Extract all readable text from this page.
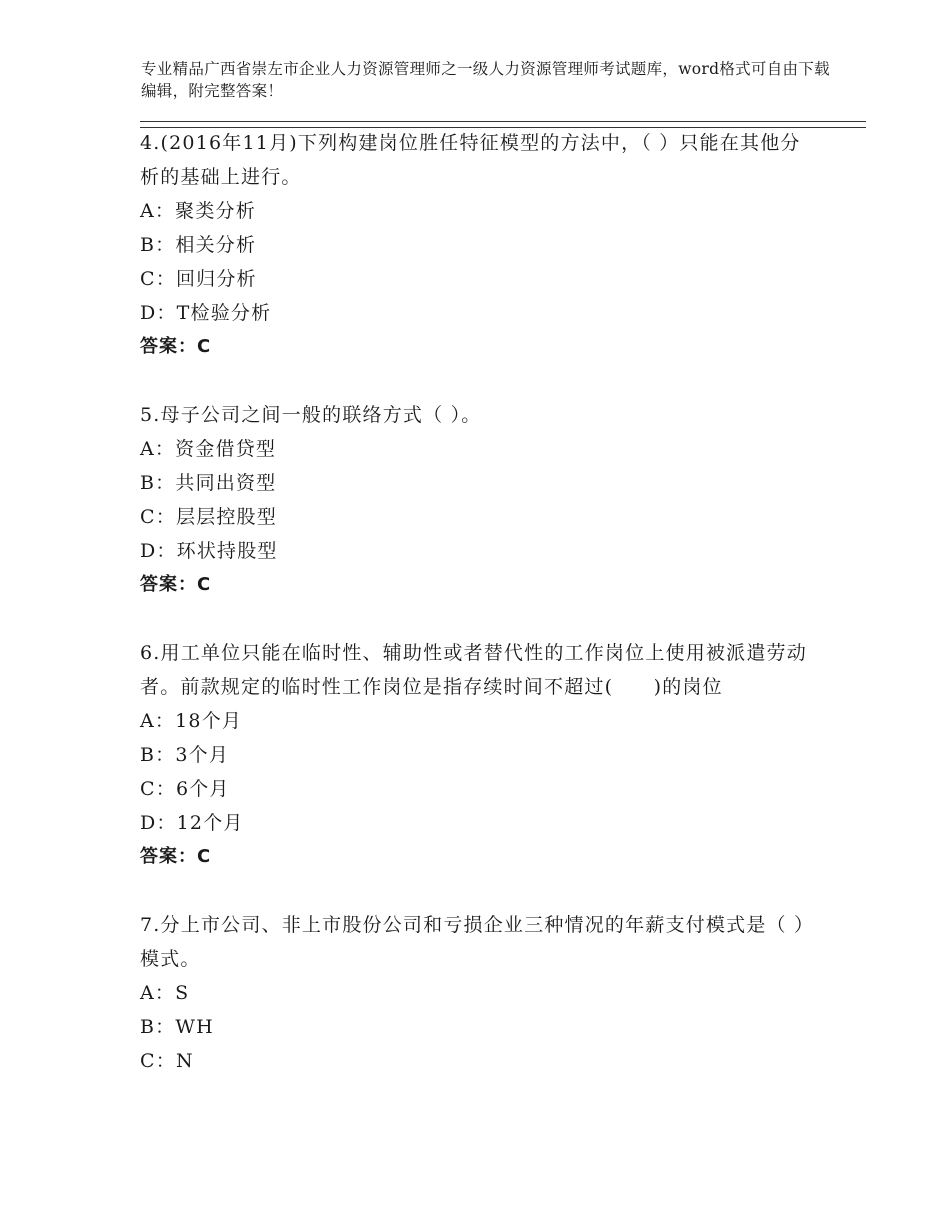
专业精品广西省崇左市企业人力资源管理师之一级人力资源管理师考试题库，word格式可自由下载编辑，附完整答案！

4.(2016年11月)下列构建岗位胜任特征模型的方法中，（ ）只能在其他分析的基础上进行。

A：聚类分析

B：相关分析

C：回归分析

D：T检验分析

答案：C

5.母子公司之间一般的联络方式（ ）。

A：资金借贷型

B：共同出资型

C：层层控股型

D：环状持股型

答案：C

6.用工单位只能在临时性、辅助性或者替代性的工作岗位上使用被派遣劳动者。前款规定的临时性工作岗位是指存续时间不超过(　　)的岗位

A：18个月

B：3个月

C：6个月

D：12个月

答案：C

7.分上市公司、非上市股份公司和亏损企业三种情况的年薪支付模式是（ ）模式。

A：S

B：WH

C：N
